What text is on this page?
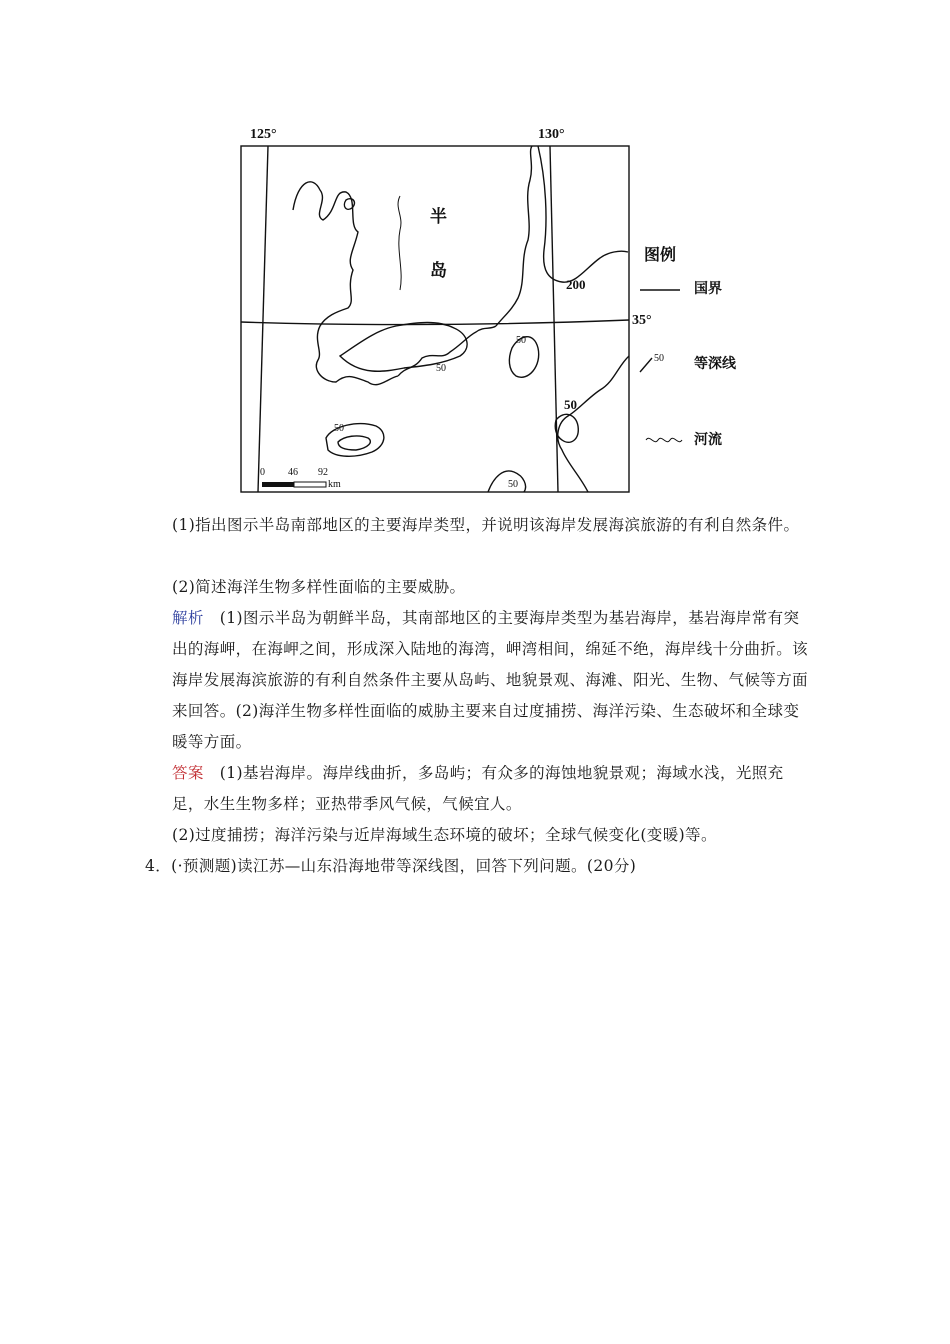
125°	130°
35°
半
岛
200
50
50
50
50
50
0 46 92
km
图例
国界
50 等深线
河流
(1)指出图示半岛南部地区的主要海岸类型，并说明该海岸发展海滨旅游的有利自然条件。
(2)简述海洋生物多样性面临的主要威胁。
解析 (1)图示半岛为朝鲜半岛，其南部地区的主要海岸类型为基岩海岸，基岩海岸常有突出的海岬，在海岬之间，形成深入陆地的海湾，岬湾相间，绵延不绝，海岸线十分曲折。该海岸发展海滨旅游的有利自然条件主要从岛屿、地貌景观、海滩、阳光、生物、气候等方面来回答。(2)海洋生物多样性面临的威胁主要来自过度捕捞、海洋污染、生态破坏和全球变暖等方面。
答案 (1)基岩海岸。海岸线曲折，多岛屿；有众多的海蚀地貌景观；海域水浅，光照充足，水生生物多样；亚热带季风气候，气候宜人。
(2)过度捕捞；海洋污染与近岸海域生态环境的破坏；全球气候变化(变暖)等。
4．(·预测题)读江苏—山东沿海地带等深线图，回答下列问题。(20分)
